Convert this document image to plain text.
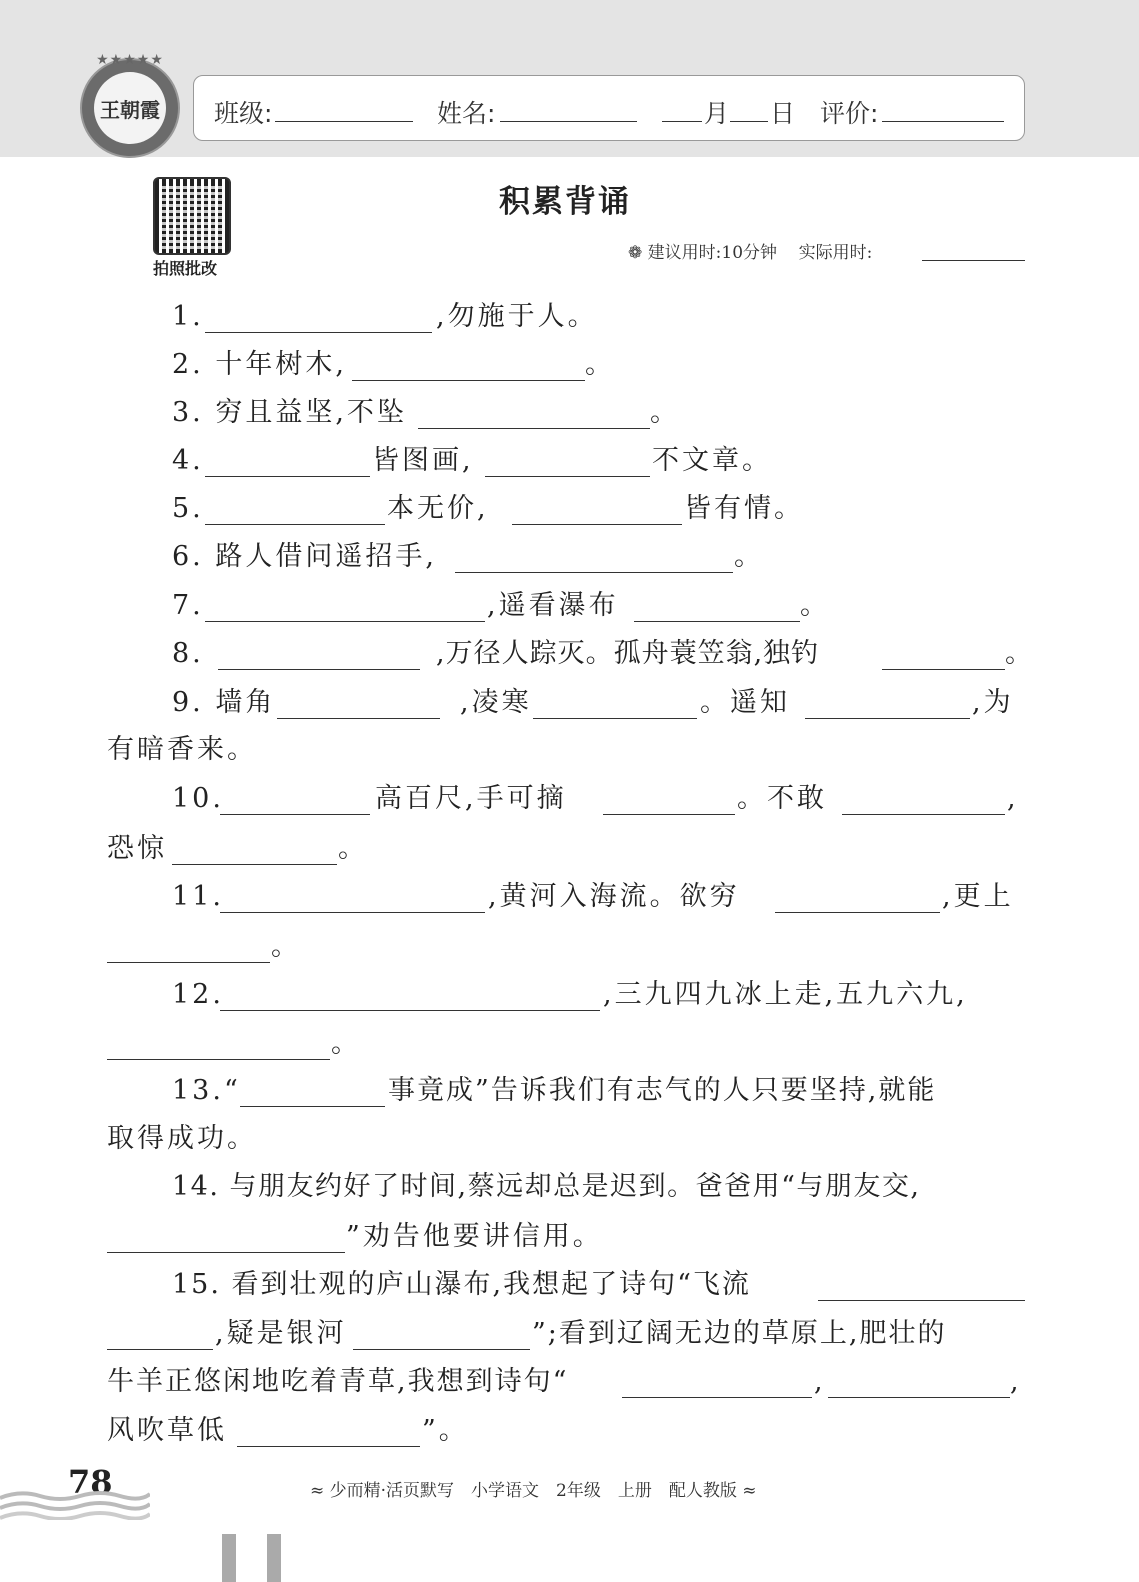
王朝霞
★★★★★
班级:	姓名:	月 日 评价:
拍照批改
积累背诵
❁ 建议用时:10分钟 实际用时:
1.	,勿施于人。
2. 十年树木,	。
3. 穷且益坚,不坠	。
4.	皆图画,	不文章。
5.	本无价,	皆有情。
6. 路人借问遥招手,	。
7.	,遥看瀑布	。
8.	,万径人踪灭。孤舟蓑笠翁,独钓	。
9. 墙角	,凌寒	。遥知	,为
有暗香来。
10.	高百尺,手可摘	。不敢	,
恐惊	。
11.	,黄河入海流。欲穷	,更上
。
12.	,三九四九冰上走,五九六九,
。
13.“	事竟成”告诉我们有志气的人只要坚持,就能
取得成功。
14. 与朋友约好了时间,蔡远却总是迟到。爸爸用“与朋友交,
”劝告他要讲信用。
15. 看到壮观的庐山瀑布,我想起了诗句“飞流
,疑是银河	”;看到辽阔无边的草原上,肥壮的
牛羊正悠闲地吃着青草,我想到诗句“	,	,
风吹草低	”。
78	≈ 少而精·活页默写　小学语文　2年级　上册　配人教版 ≈
